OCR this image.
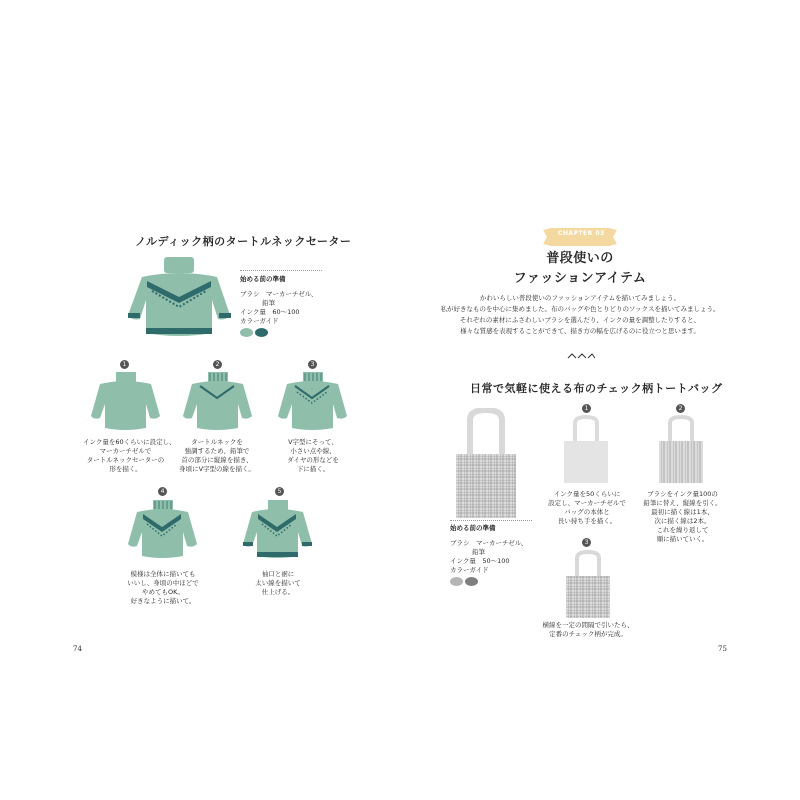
ノルディック柄のタートルネックセーター
始める前の準備
ブラシ　マーカーチゼル、
鉛筆
インク量　60～100
カラーガイド
1
インク量を60くらいに設定し、
マーカーチゼルで
タートルネックセーターの
形を描く。
2
タートルネックを
強調するため、鉛筆で
首の部分に縦線を描き、
身頃にV字型の線を描く。
3
V字型にそって、
小さい点や線、
ダイヤの形などを
下に描く。
4
模様は全体に描いても
いいし、身頃の中ほどで
やめてもOK。
好きなように描いて。
5
袖口と裾に
太い線を描いて
仕上げる。
74
CHAPTER 03
普段使いの
ファッションアイテム
かわいらしい普段使いのファッションアイテムを描いてみましょう。
私が好きなものを中心に集めました。布のバッグや色とりどりのソックスを描いてみましょう。
それぞれの素材にふさわしいブラシを選んだり、インクの量を調整したりすると、
様々な質感を表現することができて、描き方の幅を広げるのに役立つと思います。
日常で気軽に使える布のチェック柄トートバッグ
始める前の準備
ブラシ　マーカーチゼル、
鉛筆
インク量　50～100
カラーガイド
1
インク量を50くらいに
設定し、マーカーチゼルで
バッグの本体と
長い持ち手を描く。
2
ブラシをインク量100の
鉛筆に替え、縦線を引く。
最初に描く線は1本、
次に描く線は2本。
これを繰り返して
順に描いていく。
3
横線を一定の間隔で引いたら、
定番のチェック柄が完成。
75
